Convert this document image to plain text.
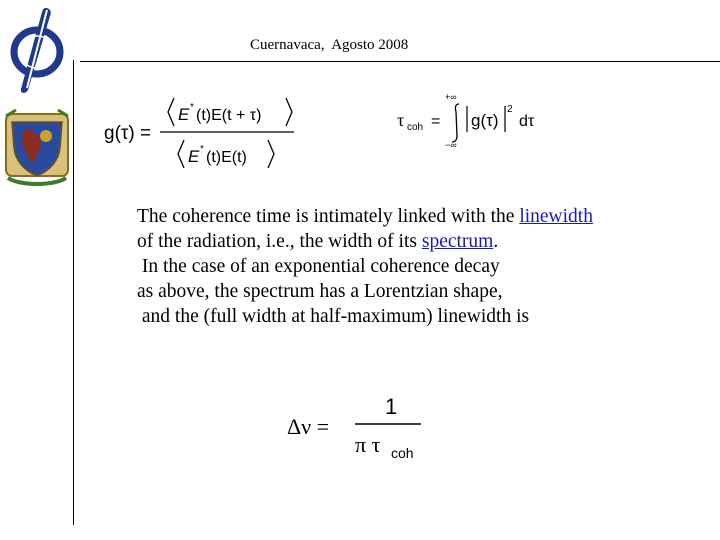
Cuernavaca,  Agosto 2008
g(τ) =
E * (t)E(t + τ)
E * (t)E(t)
τ coh =
+∞
−∞
g(τ)
2
dτ
The coherence time is intimately linked with the linewidth
of the radiation, i.e., the width of its spectrum.
In the case of an exponential coherence decay
as above, the spectrum has a Lorentzian shape,
and the (full width at half-maximum) linewidth is
Δν =
1
π τ coh
